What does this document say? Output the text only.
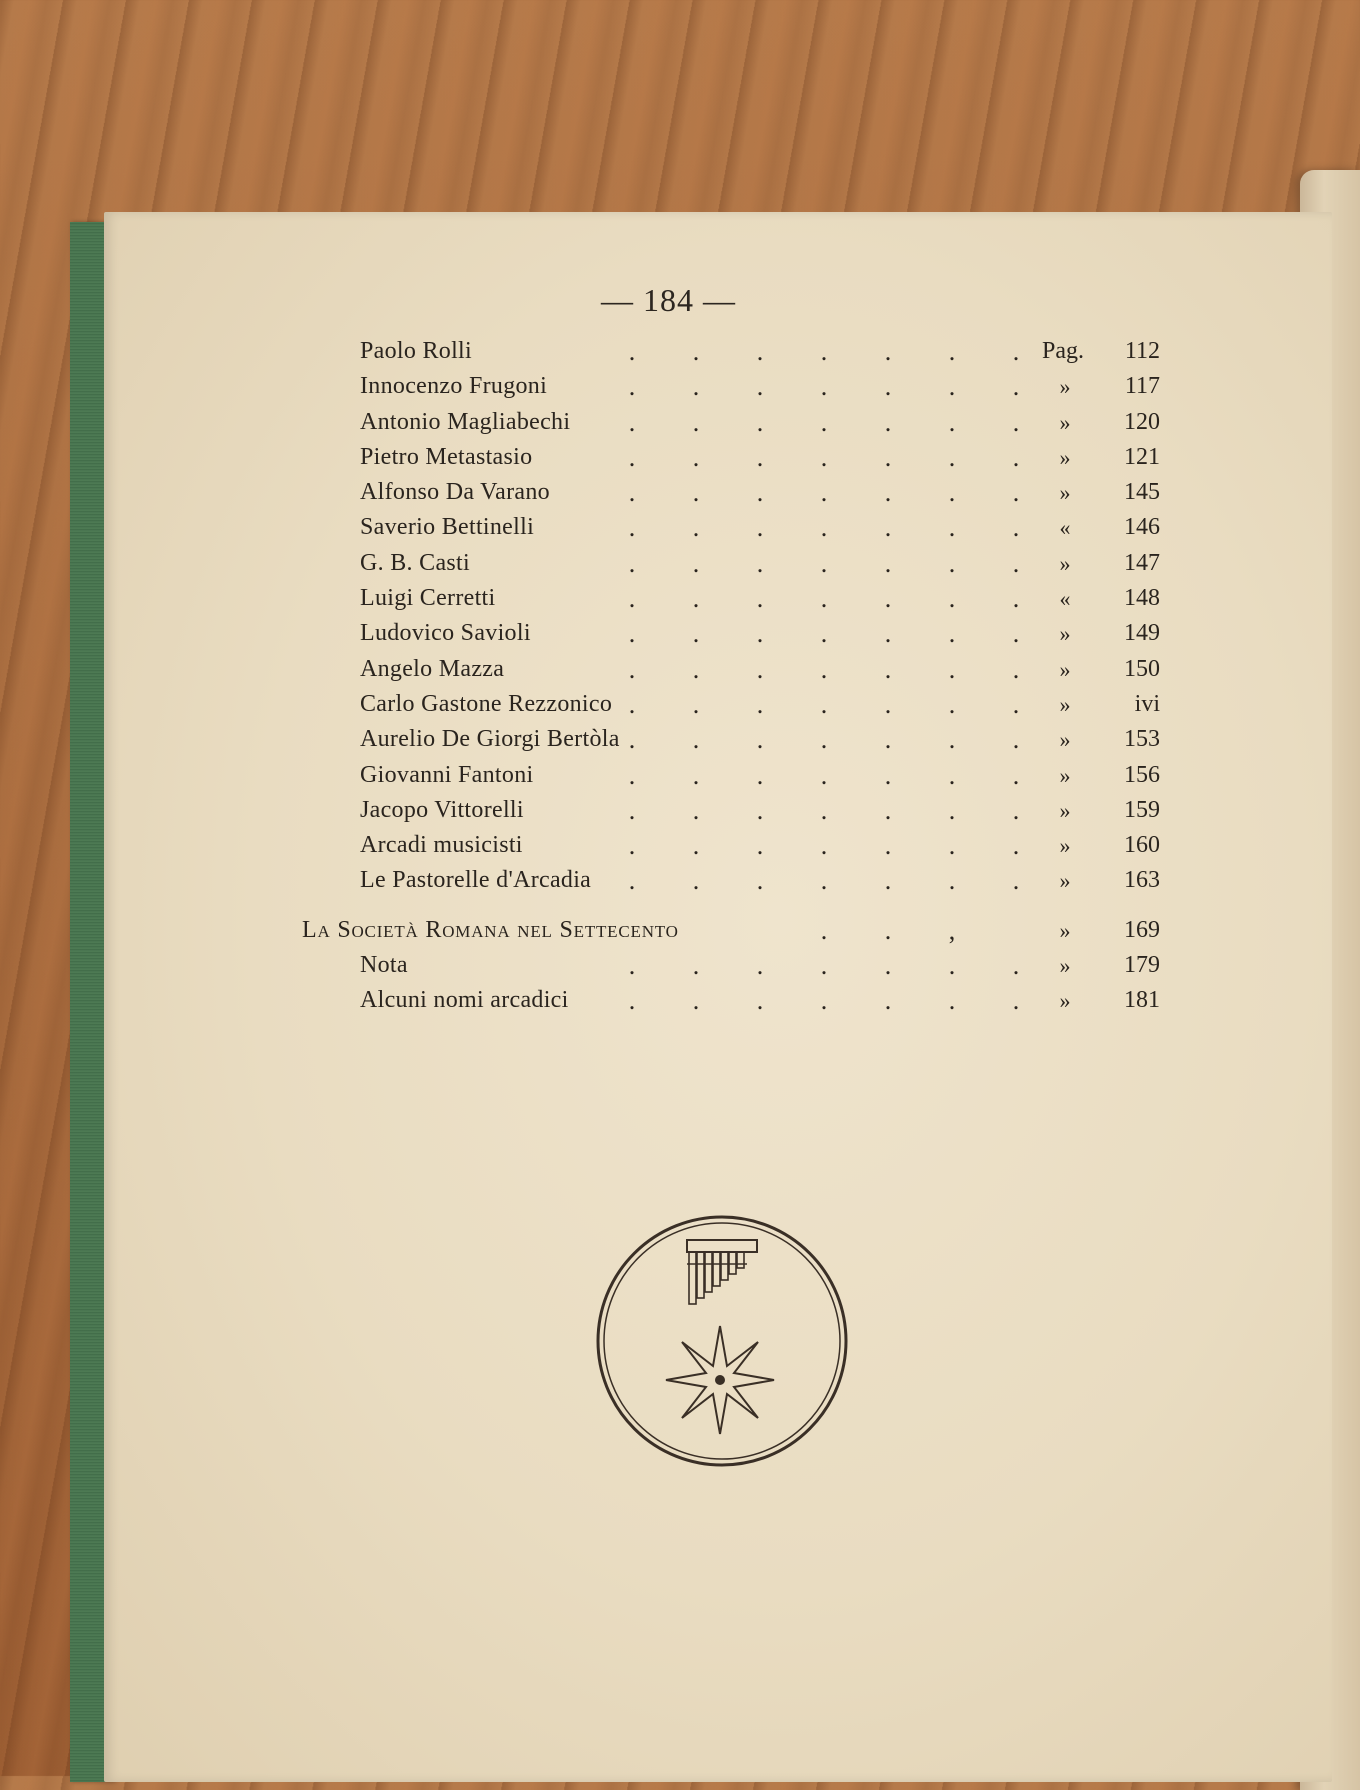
— 184 —
Paolo Rolli	. . . . . . . Pag.	112
Innocenzo Frugoni	. . . . . . .	»	117
Antonio Magliabechi	. . . . . . .	»	120
Pietro Metastasio	. . . . . . .	»	121
Alfonso Da Varano	. . . . . . .	»	145
Saverio Bettinelli	. . . . . . .	«	146
G. B. Casti	. . . . . . .	»	147
Luigi Cerretti	. . . . . . .	«	148
Ludovico Savioli	. . . . . . .	»	149
Angelo Mazza	. . . . . . .	»	150
Carlo Gastone Rezzonico . . . . . . .	»	ivi
Aurelio De Giorgi Bertòla . . . . . . .	»	153
Giovanni Fantoni	. . . . . . .	»	156
Jacopo Vittorelli	. . . . . . .	»	159
Arcadi musicisti	. . . . . . .	»	160
Le Pastorelle d'Arcadia	. . . . . . .	»	163
La Società Romana nel Settecento	. . ,	»	169
Nota	. . . . . . .	»	179
Alcuni nomi arcadici	. . . . . . .	»	181
